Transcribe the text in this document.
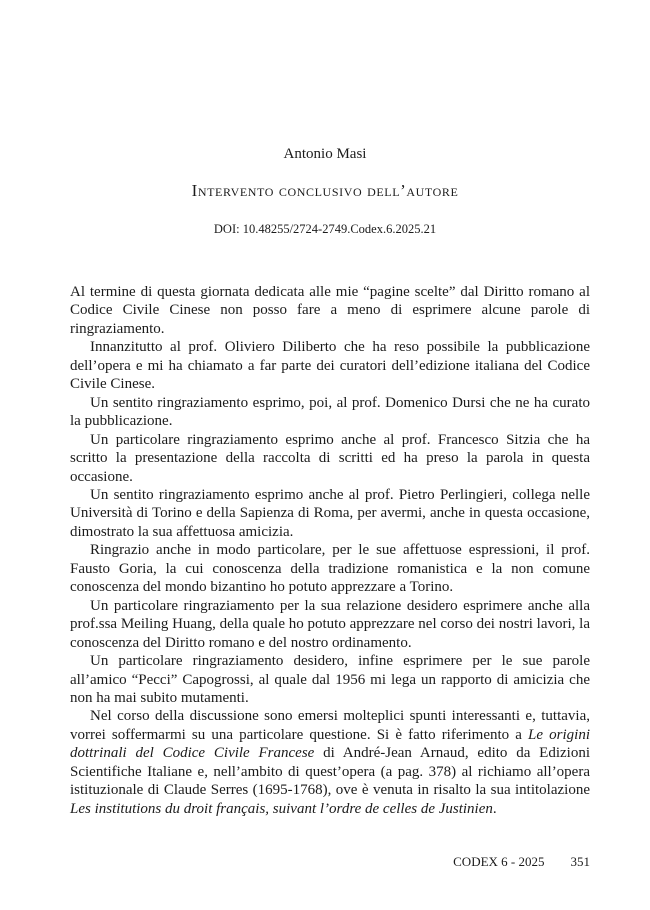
Antonio Masi
Intervento conclusivo dell’autore
DOI: 10.48255/2724-2749.Codex.6.2025.21

Al termine di questa giornata dedicata alle mie “pagine scelte” dal Diritto romano al Codice Civile Cinese non posso fare a meno di esprimere alcune parole di ringraziamento.

Innanzitutto al prof. Oliviero Diliberto che ha reso possibile la pubblicazione dell’opera e mi ha chiamato a far parte dei curatori dell’edizione italiana del Codice Civile Cinese.

Un sentito ringraziamento esprimo, poi, al prof. Domenico Dursi che ne ha curato la pubblicazione.

Un particolare ringraziamento esprimo anche al prof. Francesco Sitzia che ha scritto la presentazione della raccolta di scritti ed ha preso la parola in questa occasione.

Un sentito ringraziamento esprimo anche al prof. Pietro Perlingieri, collega nelle Università di Torino e della Sapienza di Roma, per avermi, anche in questa occasione, dimostrato la sua affettuosa amicizia.

Ringrazio anche in modo particolare, per le sue affettuose espressioni, il prof. Fausto Goria, la cui conoscenza della tradizione romanistica e la non comune conoscenza del mondo bizantino ho potuto apprezzare a Torino.

Un particolare ringraziamento per la sua relazione desidero esprimere anche alla prof.ssa Meiling Huang, della quale ho potuto apprezzare nel corso dei nostri lavori, la conoscenza del Diritto romano e del nostro ordinamento.

Un particolare ringraziamento desidero, infine esprimere per le sue parole all’amico “Pecci” Capogrossi, al quale dal 1956 mi lega un rapporto di amicizia che non ha mai subito mutamenti.

Nel corso della discussione sono emersi molteplici spunti interessanti e, tuttavia, vorrei soffermarmi su una particolare questione. Si è fatto riferimento a Le origini dottrinali del Codice Civile Francese di André-Jean Arnaud, edito da Edizioni Scientifiche Italiane e, nell’ambito di quest’opera (a pag. 378) al richiamo all’opera istituzionale di Claude Serres (1695-1768), ove è venuta in risalto la sua intitolazione Les institutions du droit français, suivant l’ordre de celles de Justinien.

CODEX 6 - 2025 351
